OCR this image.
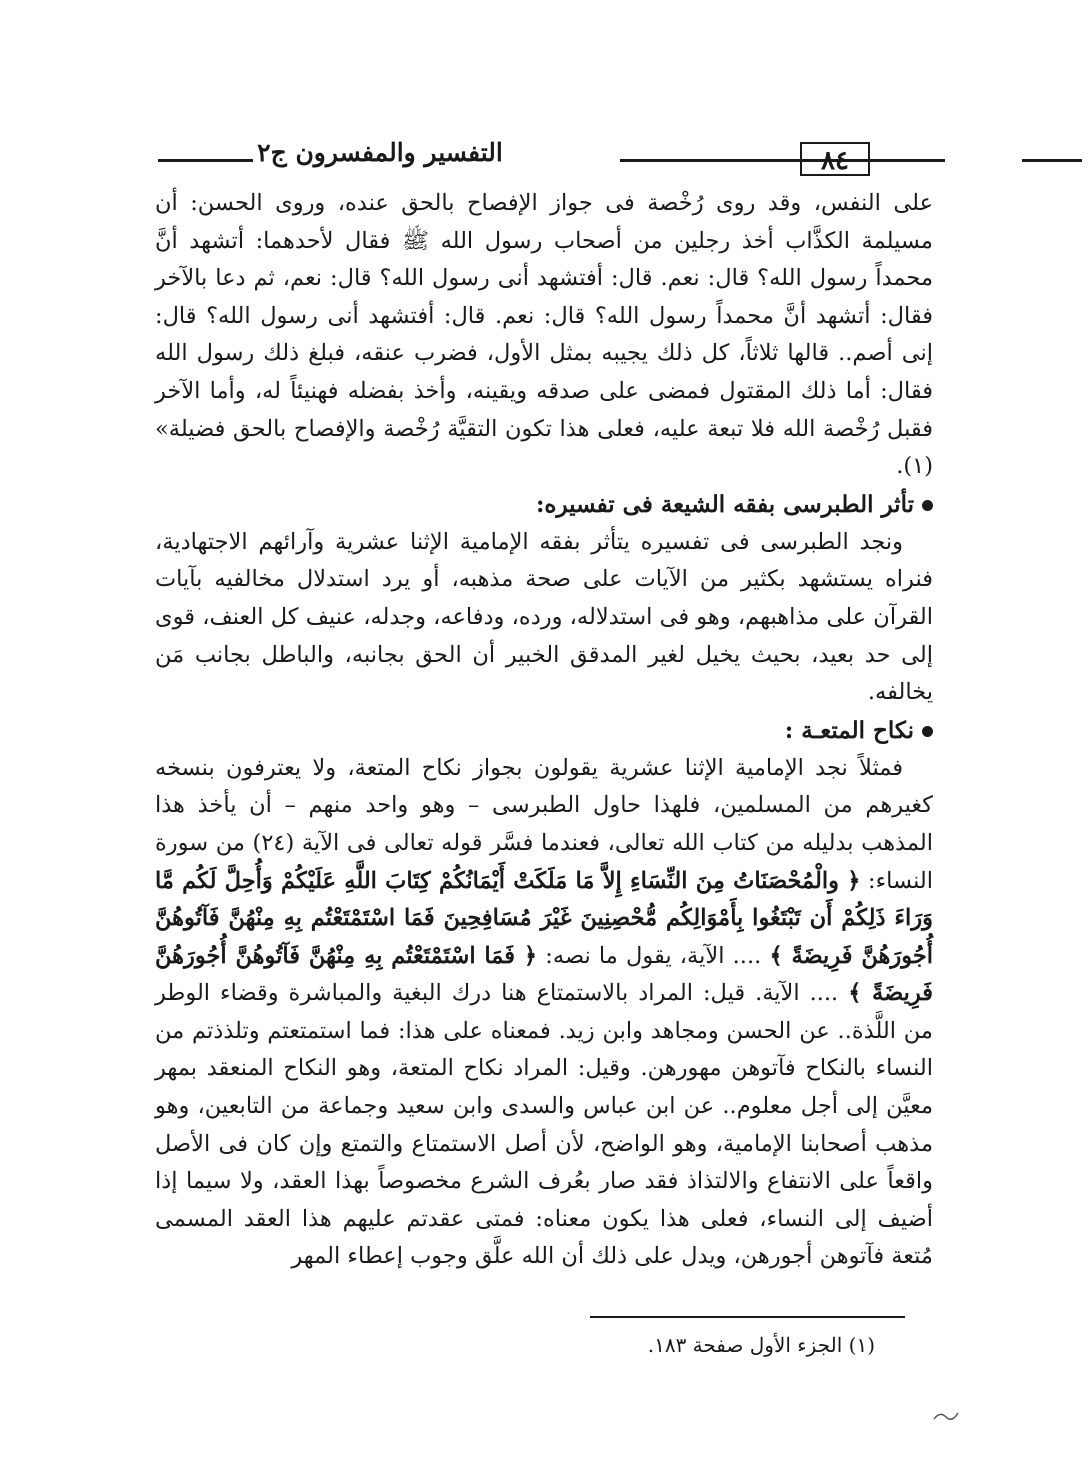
التفسير والمفسرون ج٢	٨٤

على النفس، وقد روى رُخْصة فى جواز الإفصاح بالحق عنده، وروى الحسن: أن مسيلمة الكذَّاب أخذ رجلين من أصحاب رسول الله ﷺ فقال لأحدهما: أتشهد أنَّ محمداً رسول الله؟ قال: نعم. قال: أفتشهد أنى رسول الله؟ قال: نعم، ثم دعا بالآخر فقال: أتشهد أنَّ محمداً رسول الله؟ قال: نعم. قال: أفتشهد أنى رسول الله؟ قال: إنى أصم.. قالها ثلاثاً، كل ذلك يجيبه بمثل الأول، فضرب عنقه، فبلغ ذلك رسول الله فقال: أما ذلك المقتول فمضى على صدقه ويقينه، وأخذ بفضله فهنيئاً له، وأما الآخر فقبل رُخْصة الله فلا تبعة عليه، فعلى هذا تكون التقيَّة رُخْصة والإفصاح بالحق فضيلة» (١).

تأثر الطبرسى بفقه الشيعة فى تفسيره:

ونجد الطبرسى فى تفسيره يتأثر بفقه الإمامية الإثنا عشرية وآرائهم الاجتهادية، فنراه يستشهد بكثير من الآيات على صحة مذهبه، أو يرد استدلال مخالفيه بآيات القرآن على مذاهبهم، وهو فى استدلاله، ورده، ودفاعه، وجدله، عنيف كل العنف، قوى إلى حد بعيد، بحيث يخيل لغير المدقق الخبير أن الحق بجانبه، والباطل بجانب مَن يخالفه.

نكاح المتعـة :

فمثلاً نجد الإمامية الإثنا عشرية يقولون بجواز نكاح المتعة، ولا يعترفون بنسخه كغيرهم من المسلمين، فلهذا حاول الطبرسى – وهو واحد منهم – أن يأخذ هذا المذهب بدليله من كتاب الله تعالى، فعندما فسَّر قوله تعالى فى الآية (٢٤) من سورة النساء: ﴿ والْمُحْصَنَاتُ مِنَ النِّسَاءِ إِلاَّ مَا مَلَكَتْ أَيْمَانُكُمْ كِتَابَ اللَّهِ عَلَيْكُمْ وَأُحِلَّ لَكُم مَّا وَرَاءَ ذَلِكُمْ أَن تَبْتَغُوا بِأَمْوَالِكُم مُّحْصِنِينَ غَيْرَ مُسَافِحِينَ فَمَا اسْتَمْتَعْتُم بِهِ مِنْهُنَّ فَآتُوهُنَّ أُجُورَهُنَّ فَرِيضَةً ﴾ .... الآية، يقول ما نصه: ﴿ فَمَا اسْتَمْتَعْتُم بِهِ مِنْهُنَّ فَآتُوهُنَّ أُجُورَهُنَّ فَرِيضَةً ﴾ .... الآية. قيل: المراد بالاستمتاع هنا درك البغية والمباشرة وقضاء الوطر من اللَّذة.. عن الحسن ومجاهد وابن زيد. فمعناه على هذا: فما استمتعتم وتلذذتم من النساء بالنكاح فآتوهن مهورهن. وقيل: المراد نكاح المتعة، وهو النكاح المنعقد بمهر معيَّن إلى أجل معلوم.. عن ابن عباس والسدى وابن سعيد وجماعة من التابعين، وهو مذهب أصحابنا الإمامية، وهو الواضح، لأن أصل الاستمتاع والتمتع وإن كان فى الأصل واقعاً على الانتفاع والالتذاذ فقد صار بعُرف الشرع مخصوصاً بهذا العقد، ولا سيما إذا أضيف إلى النساء، فعلى هذا يكون معناه: فمتى عقدتم عليهم هذا العقد المسمى مُتعة فآتوهن أجورهن، ويدل على ذلك أن الله علَّق وجوب إعطاء المهر

(١) الجزء الأول صفحة ١٨٣.
